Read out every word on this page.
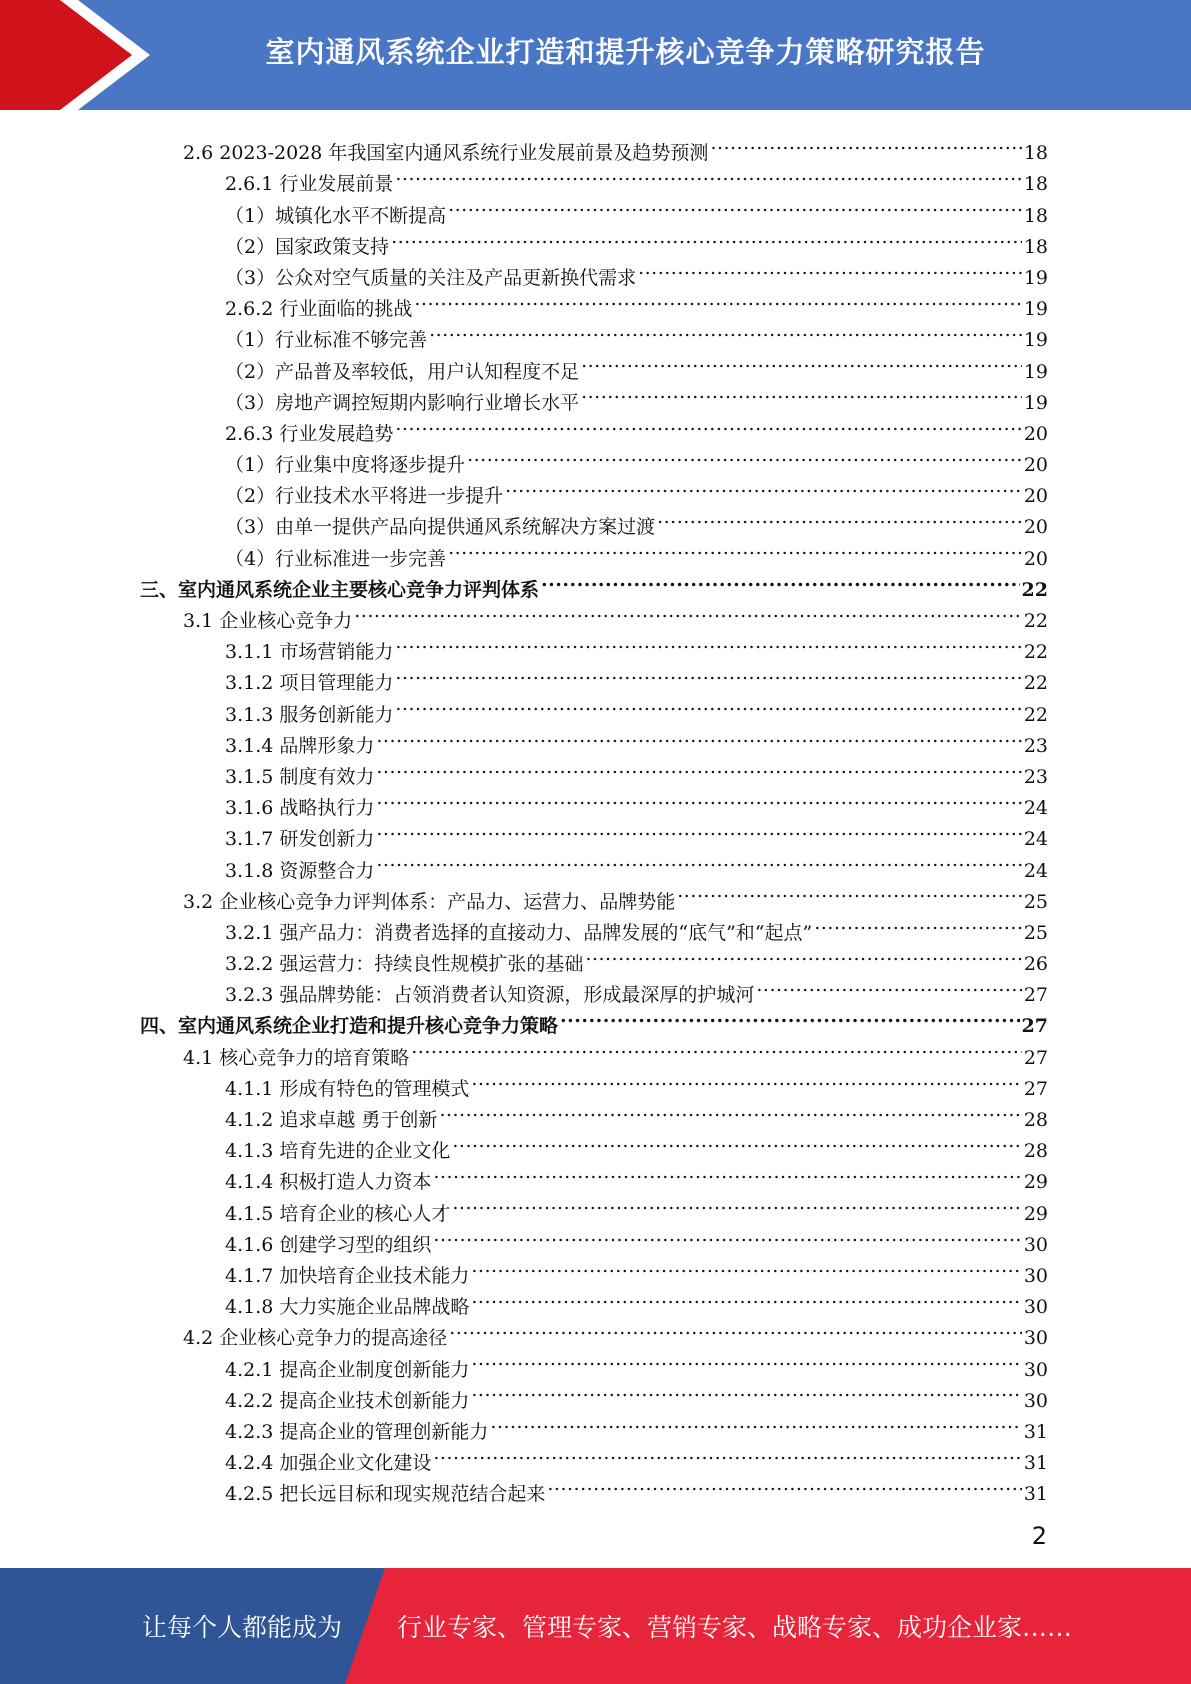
室内通风系统企业打造和提升核心竞争力策略研究报告
2.6 2023-2028 年我国室内通风系统行业发展前景及趋势预测 .....	18
2.6.1 行业发展前景 .....	18
（1）城镇化水平不断提高 .....	18
（2）国家政策支持 .....	18
（3）公众对空气质量的关注及产品更新换代需求 .....	19
2.6.2 行业面临的挑战 .....	19
（1）行业标准不够完善 .....	19
（2）产品普及率较低，用户认知程度不足 .....	19
（3）房地产调控短期内影响行业增长水平 .....	19
2.6.3 行业发展趋势 .....	20
（1）行业集中度将逐步提升 .....	20
（2）行业技术水平将进一步提升 .....	20
（3）由单一提供产品向提供通风系统解决方案过渡 .....	20
（4）行业标准进一步完善 .....	20
三、室内通风系统企业主要核心竞争力评判体系 .....	22
3.1 企业核心竞争力 .....	22
3.1.1 市场营销能力 .....	22
3.1.2 项目管理能力 .....	22
3.1.3 服务创新能力 .....	22
3.1.4 品牌形象力 .....	23
3.1.5 制度有效力 .....	23
3.1.6 战略执行力 .....	24
3.1.7 研发创新力 .....	24
3.1.8 资源整合力 .....	24
3.2 企业核心竞争力评判体系：产品力、运营力、品牌势能 .....	25
3.2.1 强产品力：消费者选择的直接动力、品牌发展的“底气”和“起点” .....	25
3.2.2 强运营力：持续良性规模扩张的基础 .....	26
3.2.3 强品牌势能：占领消费者认知资源，形成最深厚的护城河 .....	27
四、室内通风系统企业打造和提升核心竞争力策略 .....	27
4.1 核心竞争力的培育策略 .....	27
4.1.1 形成有特色的管理模式 .....	27
4.1.2 追求卓越 勇于创新 .....	28
4.1.3 培育先进的企业文化 .....	28
4.1.4 积极打造人力资本 .....	29
4.1.5 培育企业的核心人才 .....	29
4.1.6 创建学习型的组织 .....	30
4.1.7 加快培育企业技术能力 .....	30
4.1.8 大力实施企业品牌战略 .....	30
4.2 企业核心竞争力的提高途径 .....	30
4.2.1 提高企业制度创新能力 .....	30
4.2.2 提高企业技术创新能力 .....	30
4.2.3 提高企业的管理创新能力 .....	31
4.2.4 加强企业文化建设 .....	31
4.2.5 把长远目标和现实规范结合起来 .....	31
2
让每个人都能成为 行业专家、管理专家、营销专家、战略专家、成功企业家……
